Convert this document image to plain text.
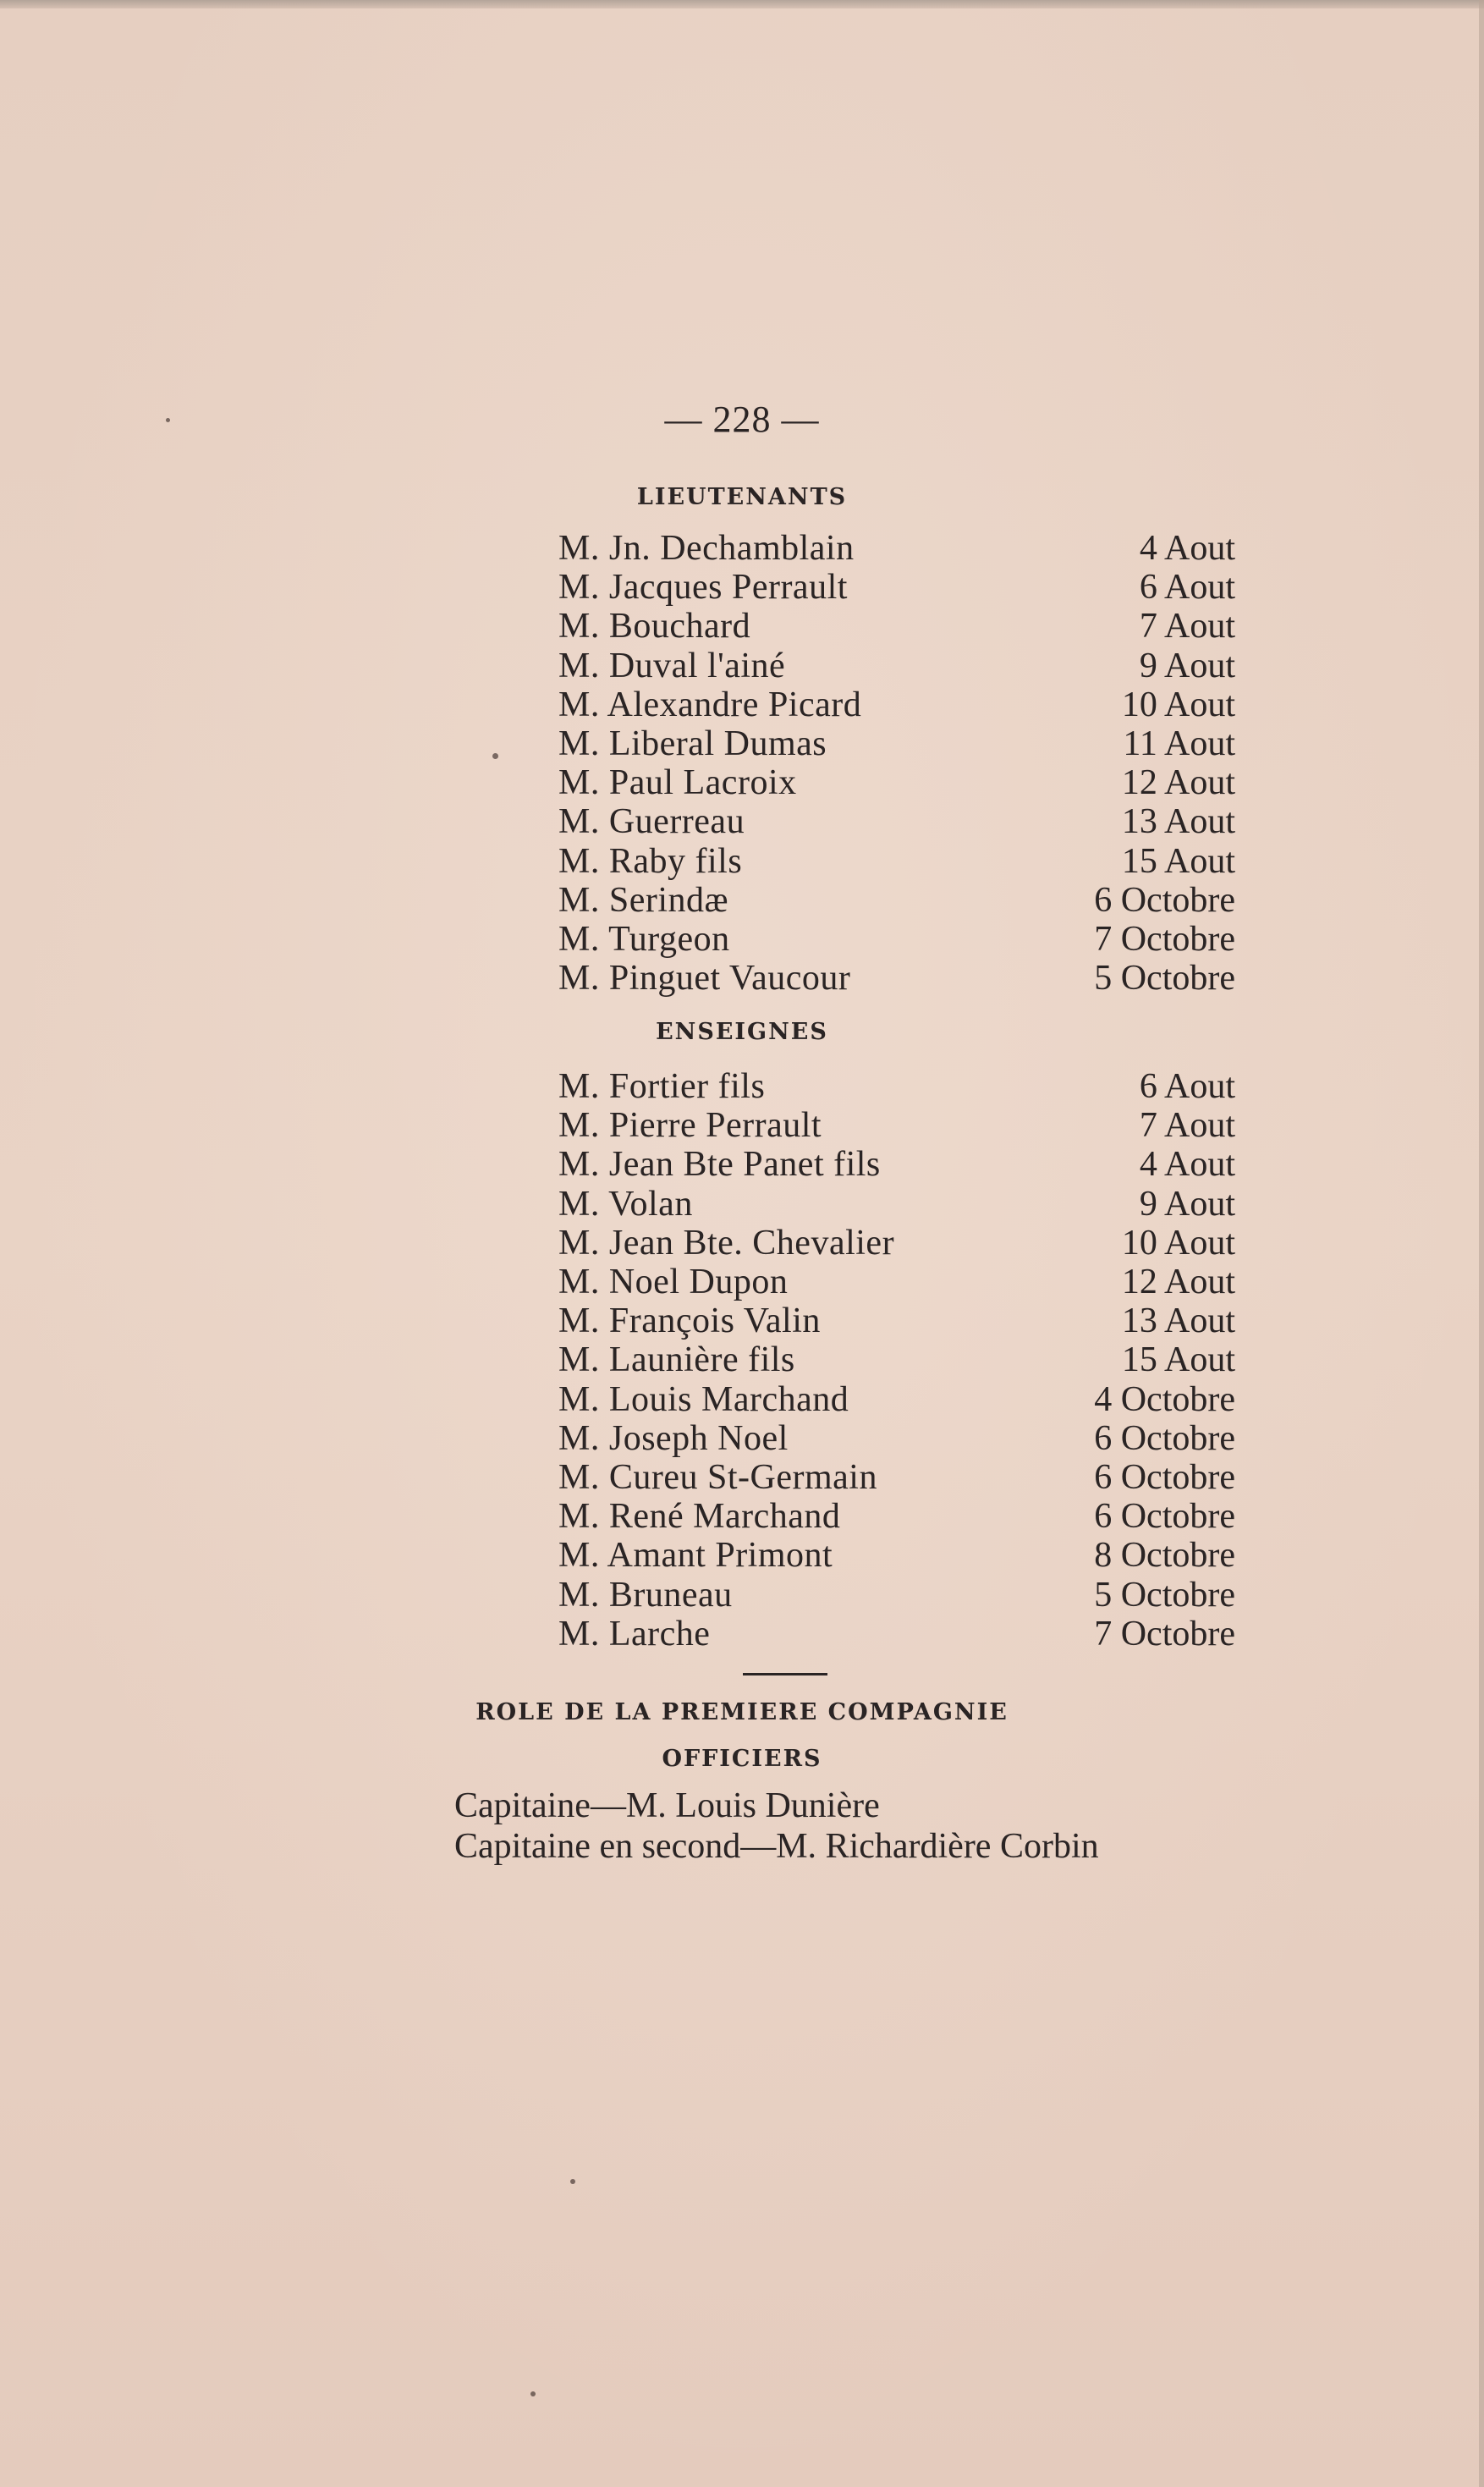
— 228 —
LIEUTENANTS
M. Jn. Dechamblain	4 Aout
M. Jacques Perrault	6 Aout
M. Bouchard	7 Aout
M. Duval l'ainé	9 Aout
M. Alexandre Picard	10 Aout
M. Liberal Dumas	11 Aout
M. Paul Lacroix	12 Aout
M. Guerreau	13 Aout
M. Raby fils	15 Aout
M. Serindæ	6 Octobre
M. Turgeon	7 Octobre
M. Pinguet Vaucour	5 Octobre
ENSEIGNES
M. Fortier fils	6 Aout
M. Pierre Perrault	7 Aout
M. Jean Bte Panet fils	4 Aout
M. Volan	9 Aout
M. Jean Bte. Chevalier	10 Aout
M. Noel Dupon	12 Aout
M. François Valin	13 Aout
M. Launière fils	15 Aout
M. Louis Marchand	4 Octobre
M. Joseph Noel	6 Octobre
M. Cureu St-Germain	6 Octobre
M. René Marchand	6 Octobre
M. Amant Primont	8 Octobre
M. Bruneau	5 Octobre
M. Larche	7 Octobre
ROLE DE LA PREMIERE COMPAGNIE
OFFICIERS
Capitaine—M. Louis Dunière
Capitaine en second—M. Richardière Corbin
